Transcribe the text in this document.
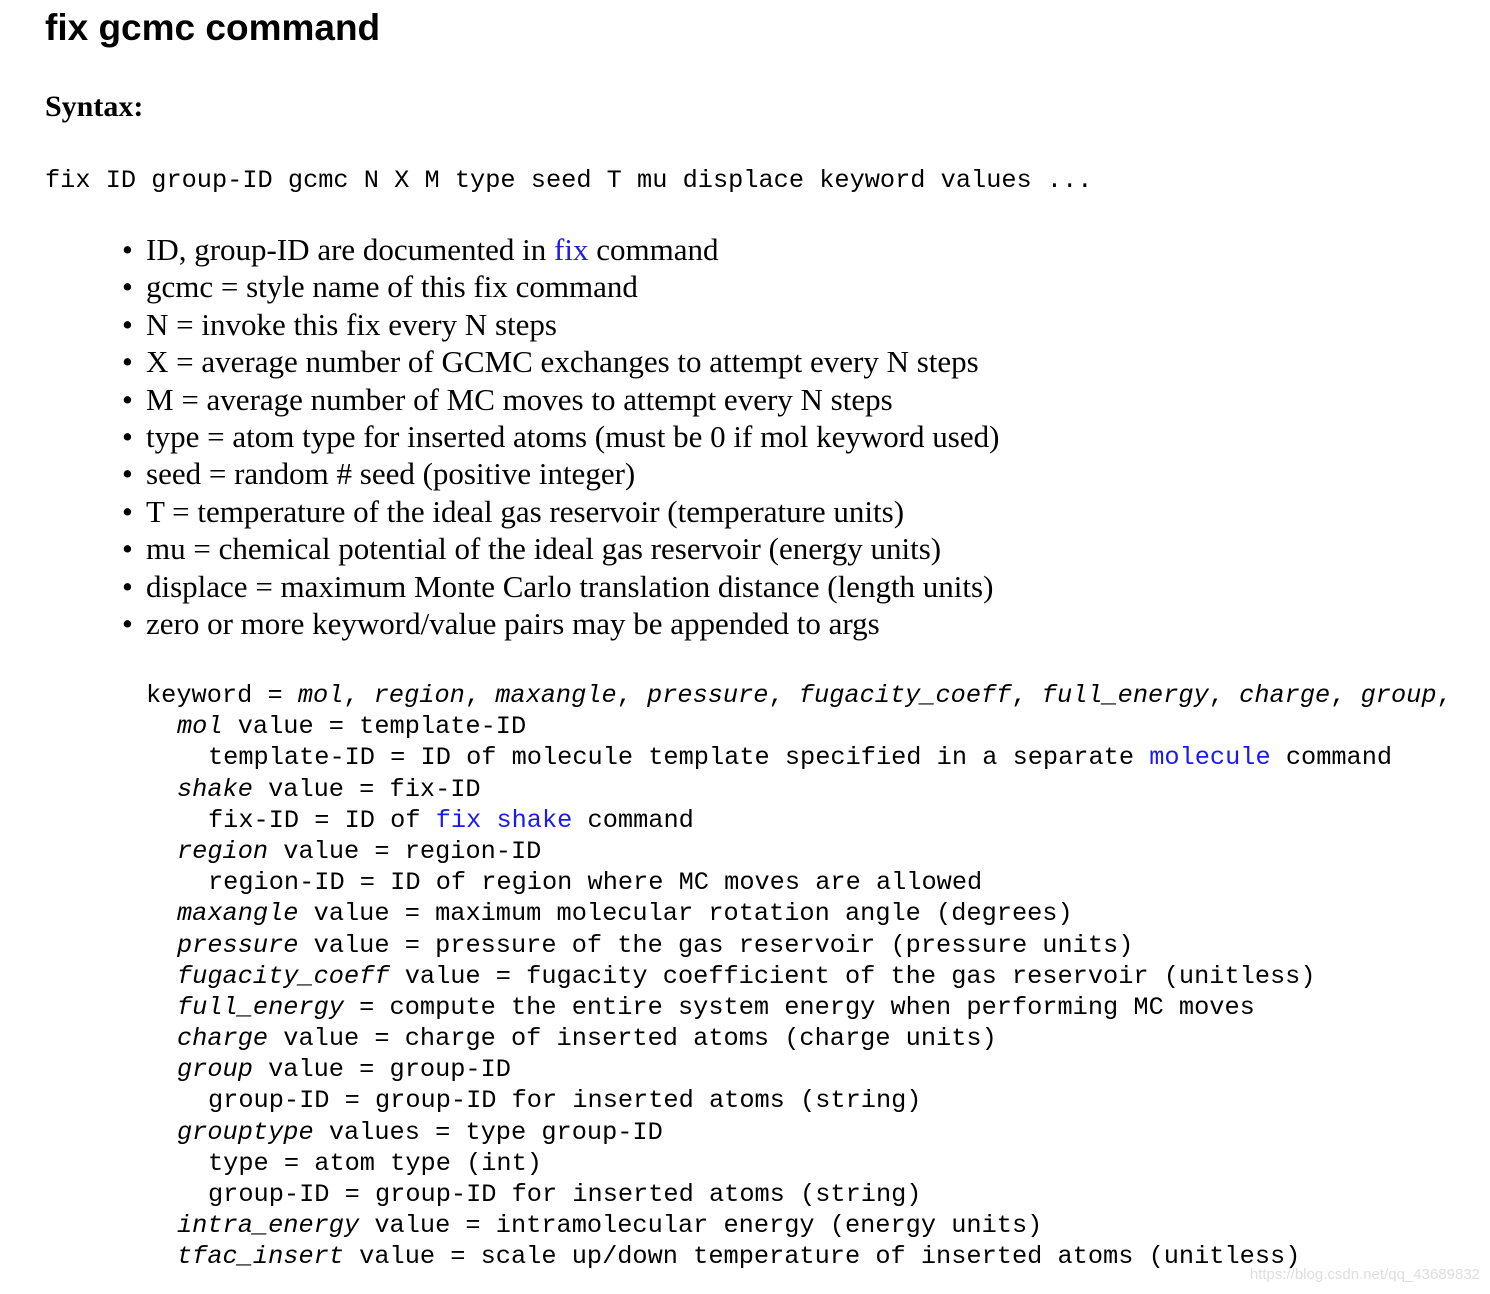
fix gcmc command
Syntax:
fix ID group-ID gcmc N X M type seed T mu displace keyword values ...
• ID, group-ID are documented in fix command
• gcmc = style name of this fix command
• N = invoke this fix every N steps
• X = average number of GCMC exchanges to attempt every N steps
• M = average number of MC moves to attempt every N steps
• type = atom type for inserted atoms (must be 0 if mol keyword used)
• seed = random # seed (positive integer)
• T = temperature of the ideal gas reservoir (temperature units)
• mu = chemical potential of the ideal gas reservoir (energy units)
• displace = maximum Monte Carlo translation distance (length units)
• zero or more keyword/value pairs may be appended to args
keyword = mol, region, maxangle, pressure, fugacity_coeff, full_energy, charge, group,
mol value = template-ID
template-ID = ID of molecule template specified in a separate molecule command
shake value = fix-ID
fix-ID = ID of fix shake command
region value = region-ID
region-ID = ID of region where MC moves are allowed
maxangle value = maximum molecular rotation angle (degrees)
pressure value = pressure of the gas reservoir (pressure units)
fugacity_coeff value = fugacity coefficient of the gas reservoir (unitless)
full_energy = compute the entire system energy when performing MC moves
charge value = charge of inserted atoms (charge units)
group value = group-ID
group-ID = group-ID for inserted atoms (string)
grouptype values = type group-ID
type = atom type (int)
group-ID = group-ID for inserted atoms (string)
intra_energy value = intramolecular energy (energy units)
tfac_insert value = scale up/down temperature of inserted atoms (unitless)
https://blog.csdn.net/qq_43689832
